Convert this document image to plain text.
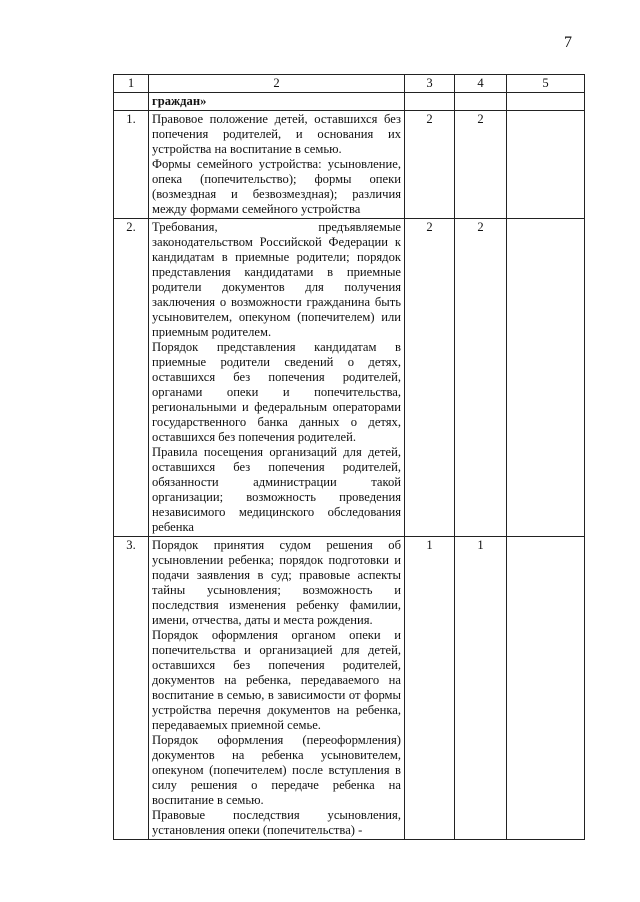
7
1	2	3	4	5
	граждан»			
1.	Правовое положение детей, оставшихся без попечения родителей, и основания их устройства на воспитание в семью.

Формы семейного устройства: усыновление, опека (попечительство); формы опеки (возмездная и безвозмездная); различия между формами семейного устройства	2	2	
2.	Требования, предъявляемые законодательством Российской Федерации к кандидатам в приемные родители; порядок представления кандидатами в приемные родители документов для получения заключения о возможности гражданина быть усыновителем, опекуном (попечителем) или приемным родителем.

Порядок представления кандидатам в приемные родители сведений о детях, оставшихся без попечения родителей, органами опеки и попечительства, региональными и федеральным операторами государственного банка данных о детях, оставшихся без попечения родителей.

Правила посещения организаций для детей, оставшихся без попечения родителей, обязанности администрации такой организации; возможность проведения независимого медицинского обследования ребенка	2	2	
3.	Порядок принятия судом решения об усыновлении ребенка; порядок подготовки и подачи заявления в суд; правовые аспекты тайны усыновления; возможность и последствия изменения ребенку фамилии, имени, отчества, даты и места рождения.

Порядок оформления органом опеки и попечительства и организацией для детей, оставшихся без попечения родителей, документов на ребенка, передаваемого на воспитание в семью, в зависимости от формы устройства перечня документов на ребенка, передаваемых приемной семье.

Порядок оформления (переоформления) документов на ребенка усыновителем, опекуном (попечителем) после вступления в силу решения о передаче ребенка на воспитание в семью.

Правовые последствия усыновления, установления опеки (попечительства) -	1	1	
